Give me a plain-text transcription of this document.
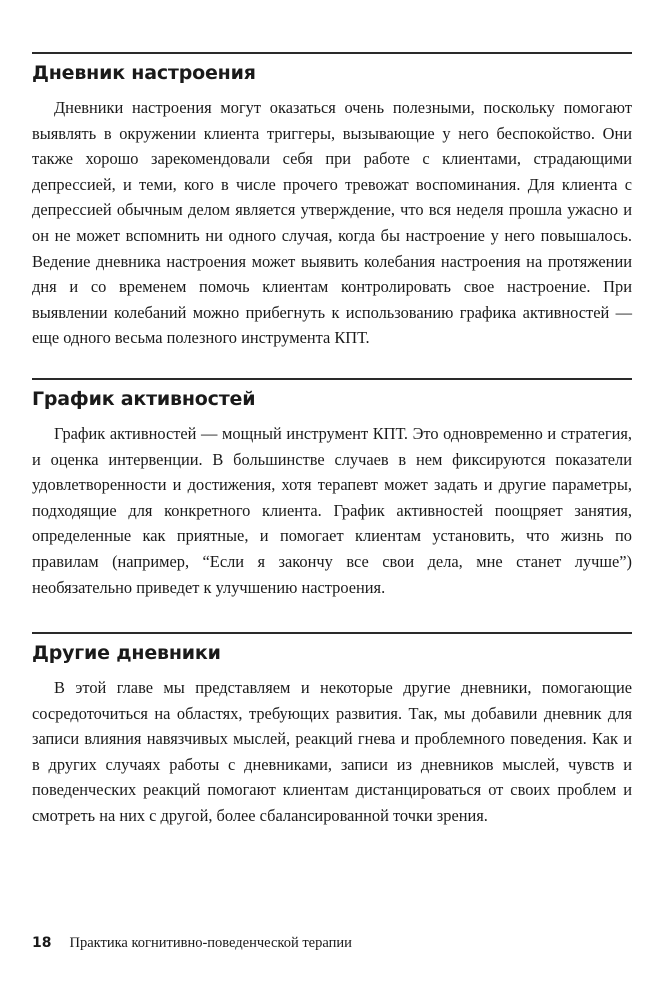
Дневник настроения

Дневники настроения могут оказаться очень полезными, поскольку помогают выявлять в окружении клиента триггеры, вызывающие у него беспокойство. Они также хорошо зарекомендовали себя при работе с клиентами, страдающими депрессией, и теми, кого в числе прочего тревожат воспоминания. Для клиента с депрессией обычным делом является утверждение, что вся неделя прошла ужасно и он не может вспомнить ни одного случая, когда бы настроение у него повышалось. Ведение дневника настроения может выявить колебания настроения на протяжении дня и со временем помочь клиентам контролировать свое настроение. При выявлении колебаний можно прибегнуть к использованию графика активностей — еще одного весьма полезного инструмента КПТ.

График активностей

График активностей — мощный инструмент КПТ. Это одновременно и стратегия, и оценка интервенции. В большинстве случаев в нем фиксируются показатели удовлетворенности и достижения, хотя терапевт может задать и другие параметры, подходящие для конкретного клиента. График активностей поощряет занятия, определенные как приятные, и помогает клиентам установить, что жизнь по правилам (например, “Если я закончу все свои дела, мне станет лучше”) необязательно приведет к улучшению настроения.

Другие дневники

В этой главе мы представляем и некоторые другие дневники, помогающие сосредоточиться на областях, требующих развития. Так, мы добавили дневник для записи влияния навязчивых мыслей, реакций гнева и проблемного поведения. Как и в других случаях работы с дневниками, записи из дневников мыслей, чувств и поведенческих реакций помогают клиентам дистанцироваться от своих проблем и смотреть на них с другой, более сбалансированной точки зрения.

18 Практика когнитивно-поведенческой терапии
